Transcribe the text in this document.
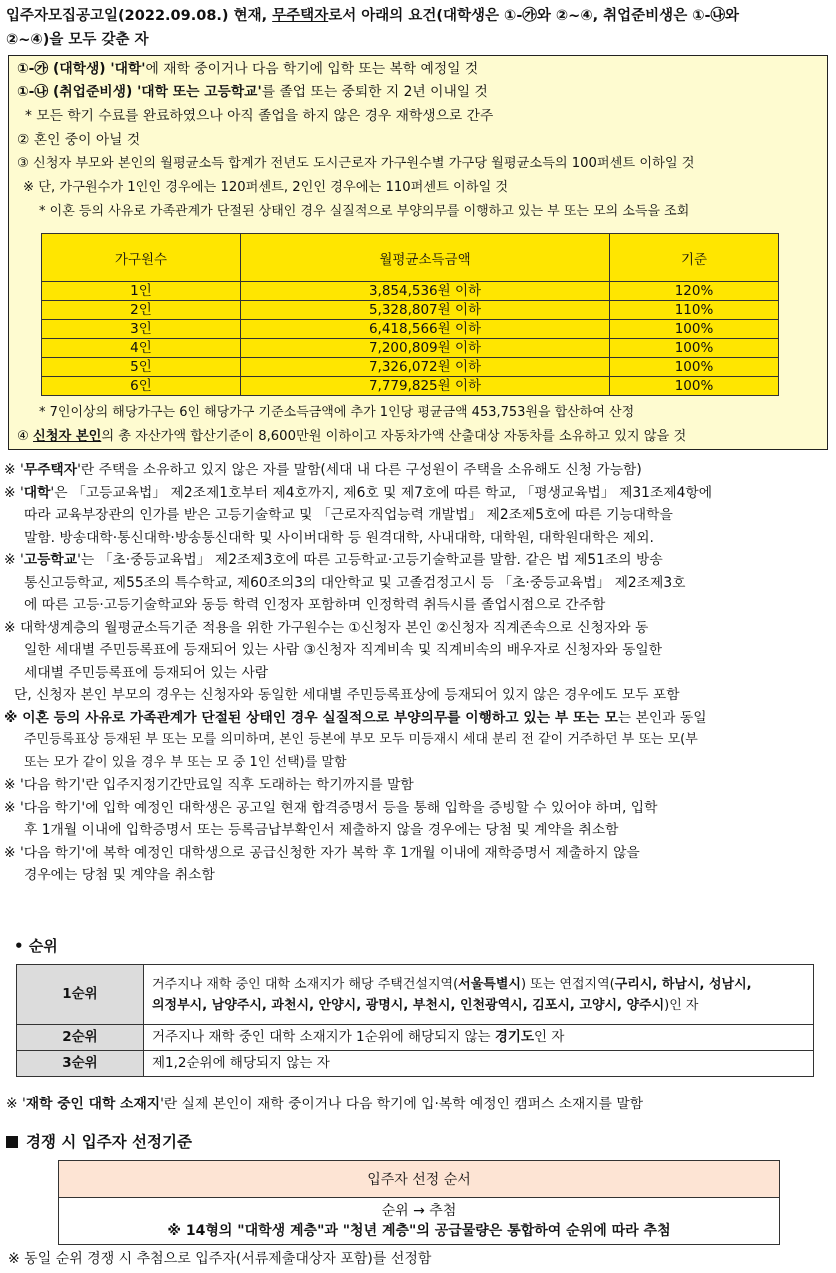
입주자모집공고일(2022.09.08.) 현재, 무주택자로서 아래의 요건(대학생은 ①-㉮와 ②~④, 취업준비생은 ①-㉯와
②~④)을 모두 갖춘 자
①-㉮ (대학생) '대학'에 재학 중이거나 다음 학기에 입학 또는 복학 예정일 것
①-㉯ (취업준비생) '대학 또는 고등학교'를 졸업 또는 중퇴한 지 2년 이내일 것
* 모든 학기 수료를 완료하였으나 아직 졸업을 하지 않은 경우 재학생으로 간주
② 혼인 중이 아닐 것
③ 신청자 부모와 본인의 월평균소득 합계가 전년도 도시근로자 가구원수별 가구당 월평균소득의 100퍼센트 이하일 것
※ 단, 가구원수가 1인인 경우에는 120퍼센트, 2인인 경우에는 110퍼센트 이하일 것
* 이혼 등의 사유로 가족관계가 단절된 상태인 경우 실질적으로 부양의무를 이행하고 있는 부 또는 모의 소득을 조회
가구원수	월평균소득금액	기준
1인	3,854,536원 이하	120%
2인	5,328,807원 이하	110%
3인	6,418,566원 이하	100%
4인	7,200,809원 이하	100%
5인	7,326,072원 이하	100%
6인	7,779,825원 이하	100%
* 7인이상의 해당가구는 6인 해당가구 기준소득금액에 추가 1인당 평균금액 453,753원을 합산하여 산정
④ 신청자 본인의 총 자산가액 합산기준이 8,600만원 이하이고 자동차가액 산출대상 자동차를 소유하고 있지 않을 것

※ '무주택자'란 주택을 소유하고 있지 않은 자를 말함(세대 내 다른 구성원이 주택을 소유해도 신청 가능함)

※ '대학'은 「고등교육법」 제2조제1호부터 제4호까지, 제6호 및 제7호에 따른 학교, 「평생교육법」 제31조제4항에

따라 교육부장관의 인가를 받은 고등기술학교 및 「근로자직업능력 개발법」 제2조제5호에 따른 기능대학을

말함. 방송대학·통신대학·방송통신대학 및 사이버대학 등 원격대학, 사내대학, 대학원, 대학원대학은 제외.

※ '고등학교'는 「초·중등교육법」 제2조제3호에 따른 고등학교·고등기술학교를 말함. 같은 법 제51조의 방송

통신고등학교, 제55조의 특수학교, 제60조의3의 대안학교 및 고졸검정고시 등 「초·중등교육법」 제2조제3호

에 따른 고등·고등기술학교와 동등 학력 인정자 포함하며 인정학력 취득시를 졸업시점으로 간주함

※ 대학생계층의 월평균소득기준 적용을 위한 가구원수는 ①신청자 본인 ②신청자 직계존속으로 신청자와 동

일한 세대별 주민등록표에 등재되어 있는 사람 ③신청자 직계비속 및 직계비속의 배우자로 신청자와 동일한

세대별 주민등록표에 등재되어 있는 사람

단, 신청자 본인 부모의 경우는 신청자와 동일한 세대별 주민등록표상에 등재되어 있지 않은 경우에도 모두 포함

※ 이혼 등의 사유로 가족관계가 단절된 상태인 경우 실질적으로 부양의무를 이행하고 있는 부 또는 모는 본인과 동일

주민등록표상 등재된 부 또는 모를 의미하며, 본인 등본에 부모 모두 미등재시 세대 분리 전 같이 거주하던 부 또는 모(부

또는 모가 같이 있을 경우 부 또는 모 중 1인 선택)를 말함

※ '다음 학기'란 입주지정기간만료일 직후 도래하는 학기까지를 말함

※ '다음 학기'에 입학 예정인 대학생은 공고일 현재 합격증명서 등을 통해 입학을 증빙할 수 있어야 하며, 입학

후 1개월 이내에 입학증명서 또는 등록금납부확인서 제출하지 않을 경우에는 당첨 및 계약을 취소함

※ '다음 학기'에 복학 예정인 대학생으로 공급신청한 자가 복학 후 1개월 이내에 재학증명서 제출하지 않을

경우에는 당첨 및 계약을 취소함

• 순위
1순위	거주지나 재학 중인 대학 소재지가 해당 주택건설지역(서울특별시) 또는 연접지역(구리시, 하남시, 성남시,
의정부시, 남양주시, 과천시, 안양시, 광명시, 부천시, 인천광역시, 김포시, 고양시, 양주시)인 자
2순위	거주지나 재학 중인 대학 소재지가 1순위에 해당되지 않는 경기도인 자
3순위	제1,2순위에 해당되지 않는 자
※ '재학 중인 대학 소재지'란 실제 본인이 재학 중이거나 다음 학기에 입·복학 예정인 캠퍼스 소재지를 말함
경쟁 시 입주자 선정기준
입주자 선정 순서

순위 → 추첨
※ 14형의 "대학생 계층"과 "청년 계층"의 공급물량은 통합하여 순위에 따라 추첨
※ 동일 순위 경쟁 시 추첨으로 입주자(서류제출대상자 포함)를 선정함
